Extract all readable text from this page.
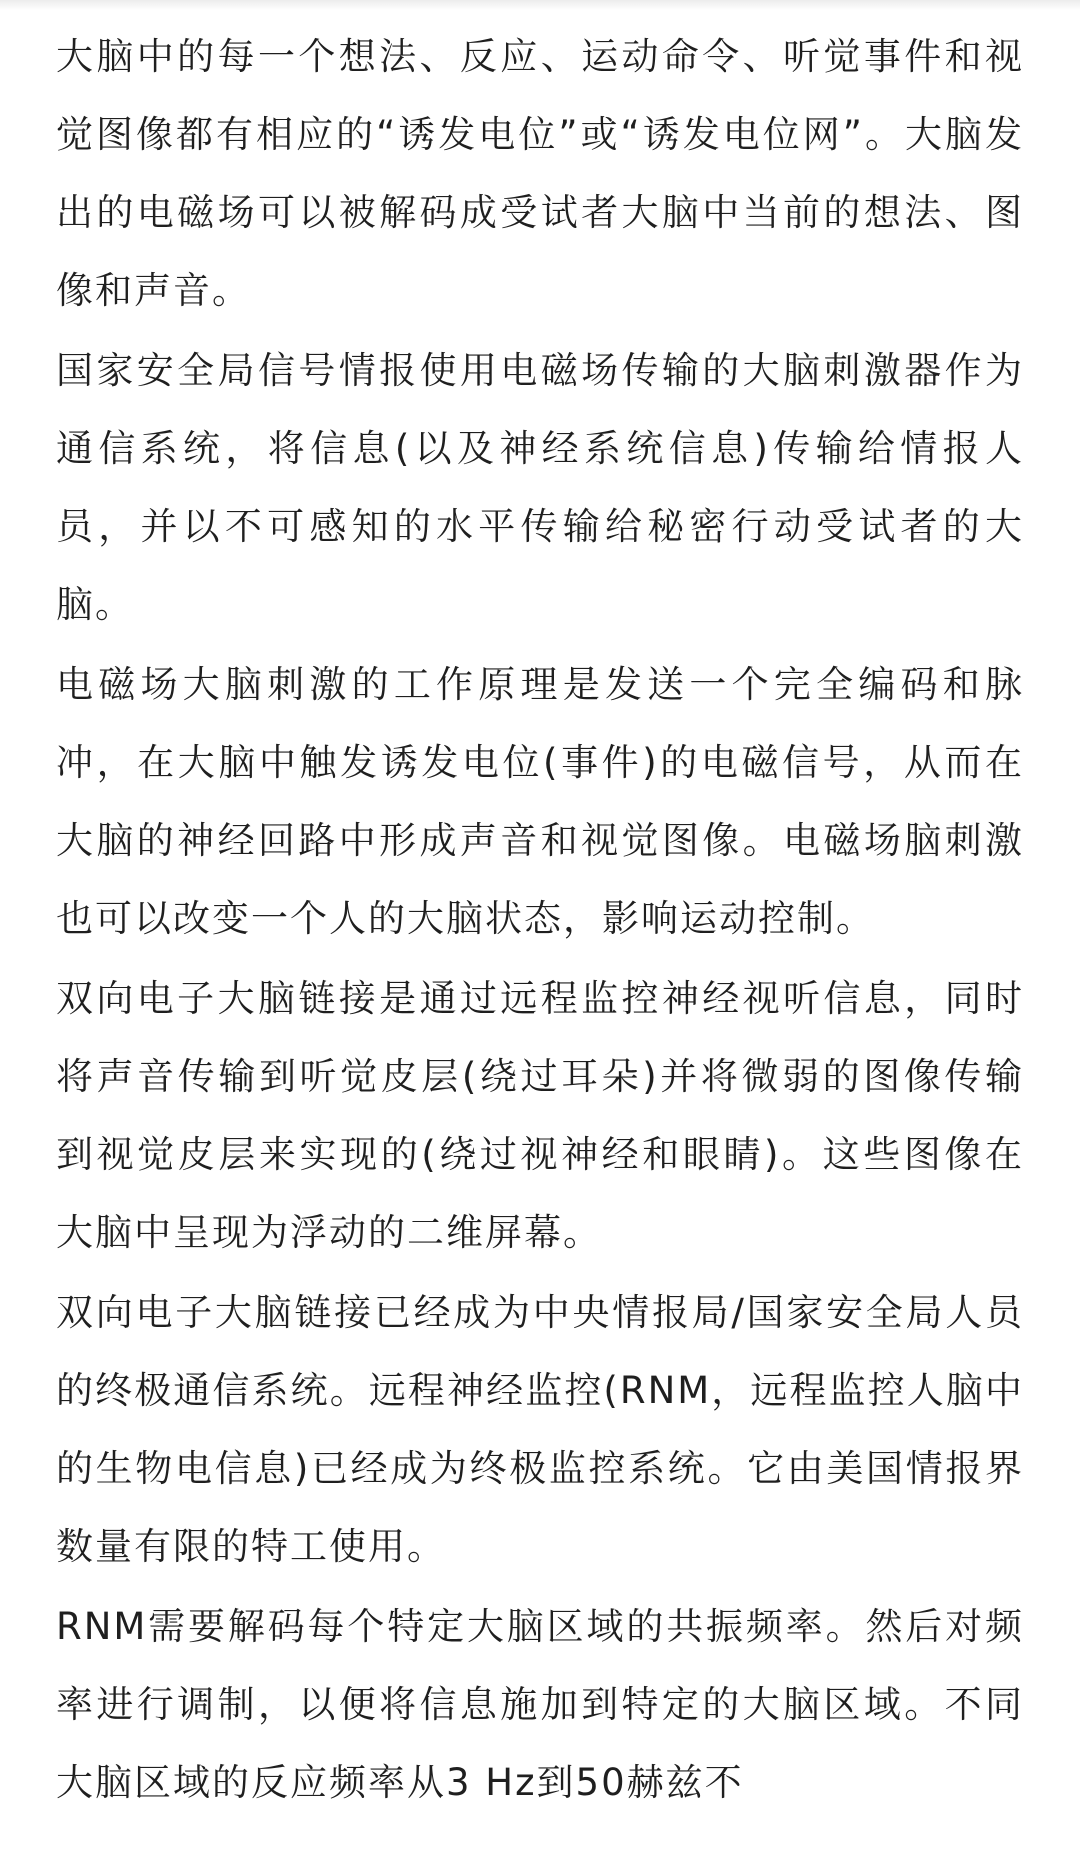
大脑中的每一个想法、反应、运动命令、听觉事件和视觉图像都有相应的“诱发电位”或“诱发电位网”。大脑发出的电磁场可以被解码成受试者大脑中当前的想法、图像和声音。

国家安全局信号情报使用电磁场传输的大脑刺激器作为通信系统，将信息(以及神经系统信息)传输给情报人员，并以不可感知的水平传输给秘密行动受试者的大脑。

电磁场大脑刺激的工作原理是发送一个完全编码和脉冲，在大脑中触发诱发电位(事件)的电磁信号，从而在大脑的神经回路中形成声音和视觉图像。电磁场脑刺激也可以改变一个人的大脑状态，影响运动控制。

双向电子大脑链接是通过远程监控神经视听信息，同时将声音传输到听觉皮层(绕过耳朵)并将微弱的图像传输到视觉皮层来实现的(绕过视神经和眼睛)。这些图像在大脑中呈现为浮动的二维屏幕。

双向电子大脑链接已经成为中央情报局/国家安全局人员的终极通信系统。远程神经监控(RNM，远程监控人脑中的生物电信息)已经成为终极监控系统。它由美国情报界数量有限的特工使用。

RNM需要解码每个特定大脑区域的共振频率。然后对频率进行调制，以便将信息施加到特定的大脑区域。不同大脑区域的反应频率从3 Hz到50赫兹不
